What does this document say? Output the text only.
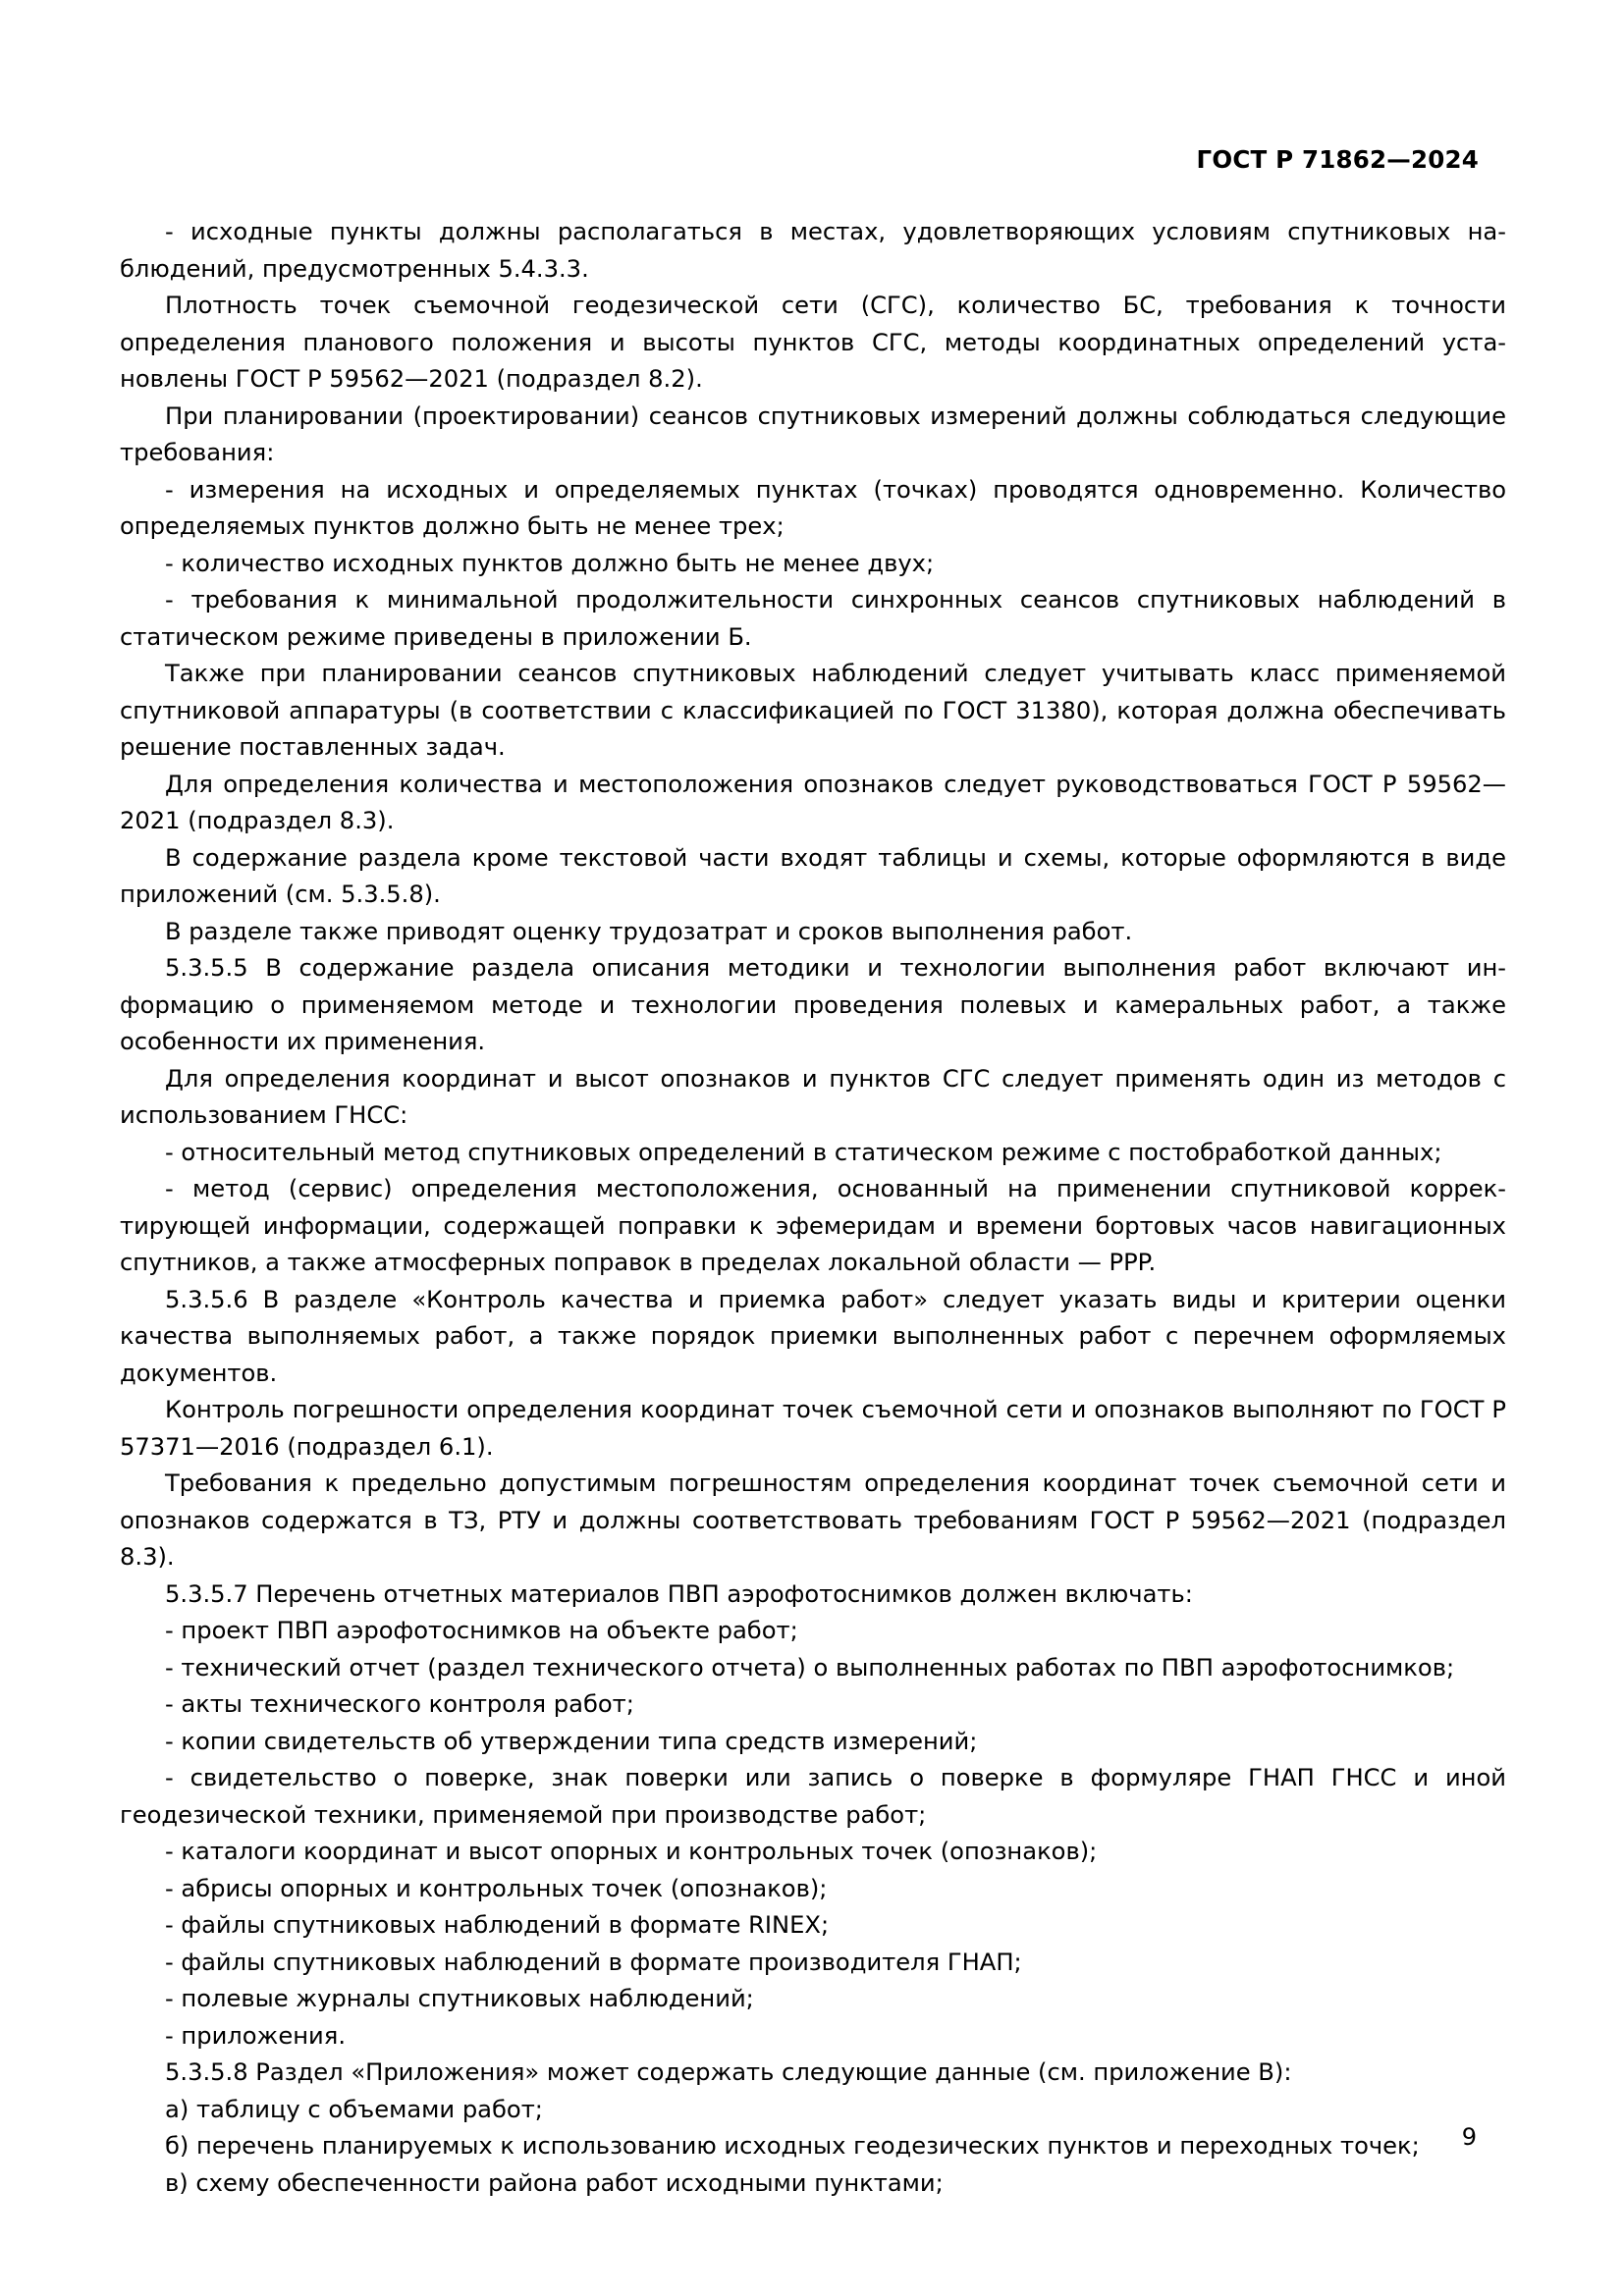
ГОСТ Р 71862—2024

- исходные пункты должны располагаться в местах, удовлетворяющих условиям спутниковых наблюдений, предусмотренных 5.4.3.3.

Плотность точек съемочной геодезической сети (СГС), количество БС, требования к точности определения планового положения и высоты пунктов СГС, методы координатных определений установлены ГОСТ Р 59562—2021 (подраздел 8.2).

При планировании (проектировании) сеансов спутниковых измерений должны соблюдаться следующие требования:

- измерения на исходных и определяемых пунктах (точках) проводятся одновременно. Количество определяемых пунктов должно быть не менее трех;

- количество исходных пунктов должно быть не менее двух;

- требования к минимальной продолжительности синхронных сеансов спутниковых наблюдений в статическом режиме приведены в приложении Б.

Также при планировании сеансов спутниковых наблюдений следует учитывать класс применяемой спутниковой аппаратуры (в соответствии с классификацией по ГОСТ 31380), которая должна обеспечивать решение поставленных задач.

Для определения количества и местоположения опознаков следует руководствоваться ГОСТ Р 59562—2021 (подраздел 8.3).

В содержание раздела кроме текстовой части входят таблицы и схемы, которые оформляются в виде приложений (см. 5.3.5.8).

В разделе также приводят оценку трудозатрат и сроков выполнения работ.

5.3.5.5 В содержание раздела описания методики и технологии выполнения работ включают информацию о применяемом методе и технологии проведения полевых и камеральных работ, а также особенности их применения.

Для определения координат и высот опознаков и пунктов СГС следует применять один из методов с использованием ГНСС:

- относительный метод спутниковых определений в статическом режиме с постобработкой данных;

- метод (сервис) определения местоположения, основанный на применении спутниковой корректирующей информации, содержащей поправки к эфемеридам и времени бортовых часов навигационных спутников, а также атмосферных поправок в пределах локальной области — PPP.

5.3.5.6 В разделе «Контроль качества и приемка работ» следует указать виды и критерии оценки качества выполняемых работ, а также порядок приемки выполненных работ с перечнем оформляемых документов.

Контроль погрешности определения координат точек съемочной сети и опознаков выполняют по ГОСТ Р 57371—2016 (подраздел 6.1).

Требования к предельно допустимым погрешностям определения координат точек съемочной сети и опознаков содержатся в ТЗ, РТУ и должны соответствовать требованиям ГОСТ Р 59562—2021 (подраздел 8.3).

5.3.5.7 Перечень отчетных материалов ПВП аэрофотоснимков должен включать:

- проект ПВП аэрофотоснимков на объекте работ;

- технический отчет (раздел технического отчета) о выполненных работах по ПВП аэрофотоснимков;

- акты технического контроля работ;

- копии свидетельств об утверждении типа средств измерений;

- свидетельство о поверке, знак поверки или запись о поверке в формуляре ГНАП ГНСС и иной геодезической техники, применяемой при производстве работ;

- каталоги координат и высот опорных и контрольных точек (опознаков);

- абрисы опорных и контрольных точек (опознаков);

- файлы спутниковых наблюдений в формате RINEX;

- файлы спутниковых наблюдений в формате производителя ГНАП;

- полевые журналы спутниковых наблюдений;

- приложения.

5.3.5.8 Раздел «Приложения» может содержать следующие данные (см. приложение В):

а) таблицу с объемами работ;

б) перечень планируемых к использованию исходных геодезических пунктов и переходных точек;

в) схему обеспеченности района работ исходными пунктами;

9
